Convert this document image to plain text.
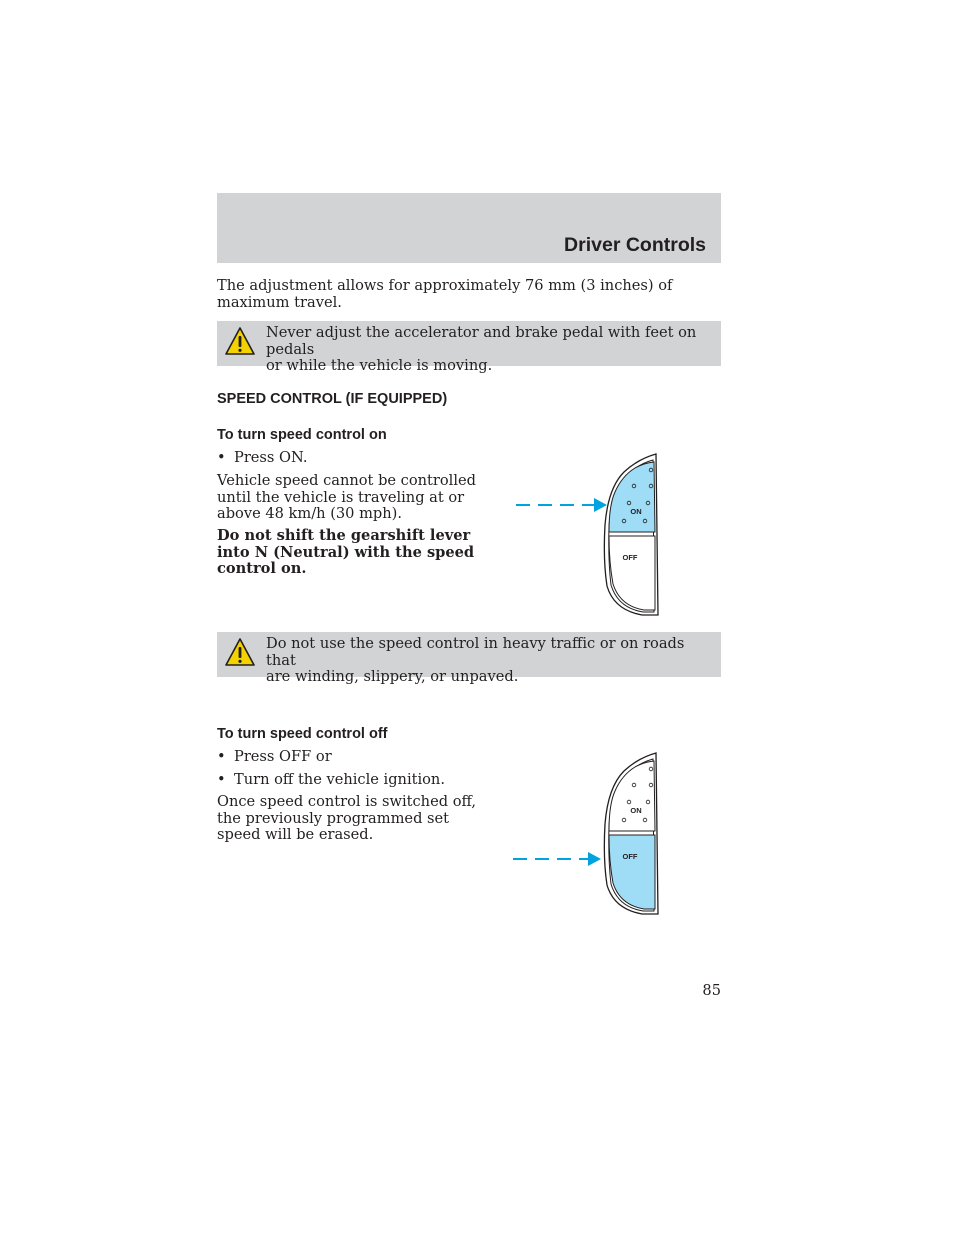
Driver Controls
The adjustment allows for approximately 76 mm (3 inches) of maximum travel.
Never adjust the accelerator and brake pedal with feet on pedals
or while the vehicle is moving.
SPEED CONTROL (IF EQUIPPED)
To turn speed control on
• Press ON.
Vehicle speed cannot be controlled
until the vehicle is traveling at or
above 48 km/h (30 mph).
Do not shift the gearshift lever
into N (Neutral) with the speed
control on.
ON
OFF
Do not use the speed control in heavy traffic or on roads that
are winding, slippery, or unpaved.
To turn speed control off
• Press OFF or
• Turn off the vehicle ignition.
Once speed control is switched off,
the previously programmed set
speed will be erased.
ON
OFF
85
